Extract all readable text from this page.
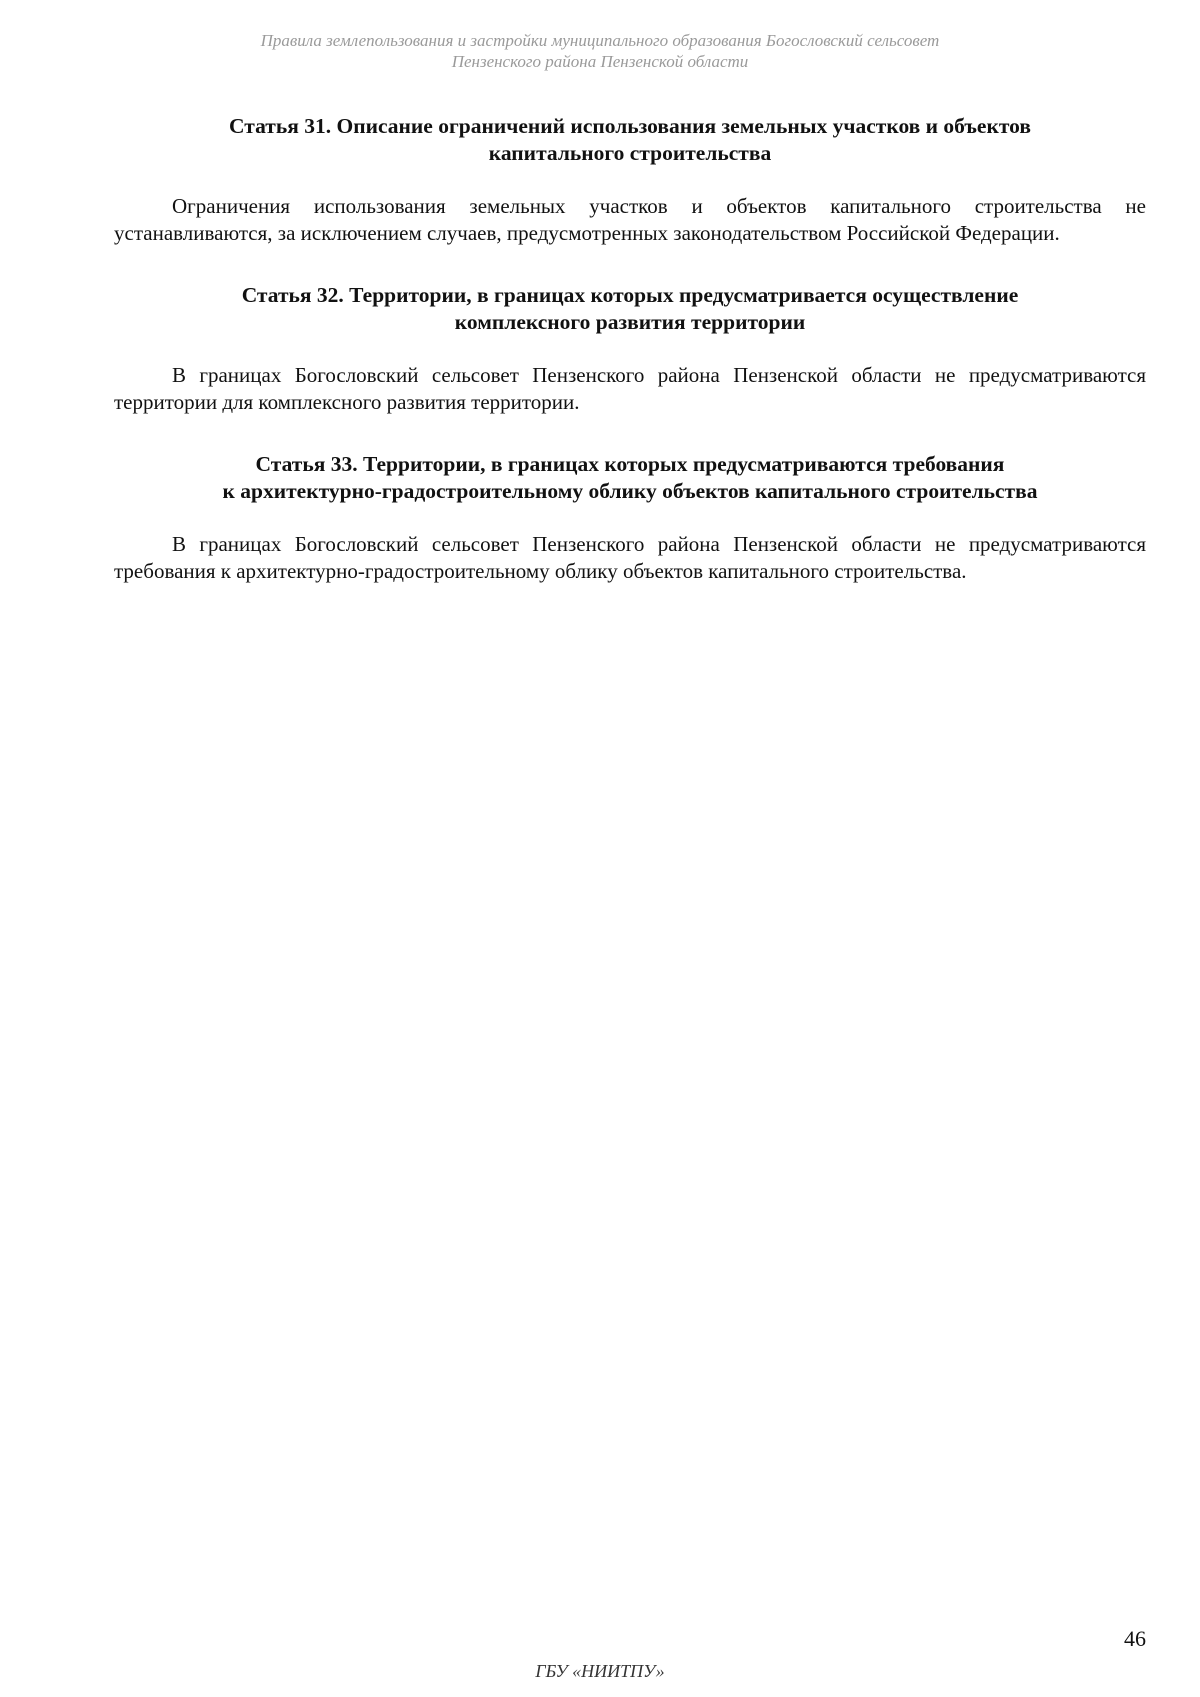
Правила землепользования и застройки муниципального образования Богословский сельсовет
Пензенского района Пензенской области
Статья 31. Описание ограничений использования земельных участков и объектов
капитального строительства

Ограничения использования земельных участков и объектов капитального строительства не устанавливаются, за исключением случаев, предусмотренных законодательством Российской Федерации.

Статья 32. Территории, в границах которых предусматривается осуществление
комплексного развития территории

В границах Богословский сельсовет Пензенского района Пензенской области не предусматриваются территории для комплексного развития территории.

Статья 33. Территории, в границах которых предусматриваются требования
к архитектурно-градостроительному облику объектов капитального строительства

В границах Богословский сельсовет Пензенского района Пензенской области не предусматриваются требования к архитектурно-градостроительному облику объектов капитального строительства.

46
ГБУ «НИИТПУ»
